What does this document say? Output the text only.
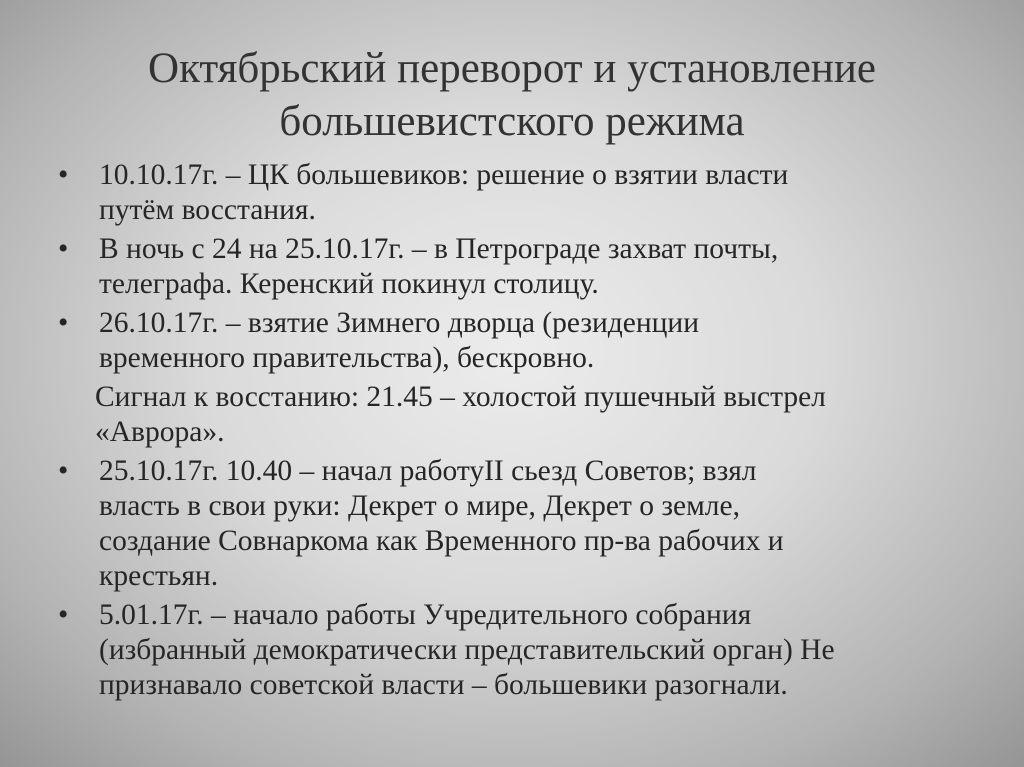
Октябрьский переворот и установление
большевистского режима
•	10.10.17г. – ЦК большевиков: решение о взятии власти
путём восстания.
•	В ночь с 24 на 25.10.17г. – в Петрограде захват почты,
телеграфа. Керенский покинул столицу.
•	26.10.17г. – взятие Зимнего дворца (резиденции
временного правительства), бескровно.
Сигнал к восстанию: 21.45 – холостой пушечный выстрел
«Аврора».
•	25.10.17г. 10.40 – начал работуII сьезд Советов; взял
власть в свои руки: Декрет о мире, Декрет о земле,
создание Совнаркома как Временного пр-ва рабочих и
крестьян.
•	5.01.17г. – начало работы Учредительного собрания
(избранный демократически представительский орган) Не
признавало советской власти – большевики разогнали.
